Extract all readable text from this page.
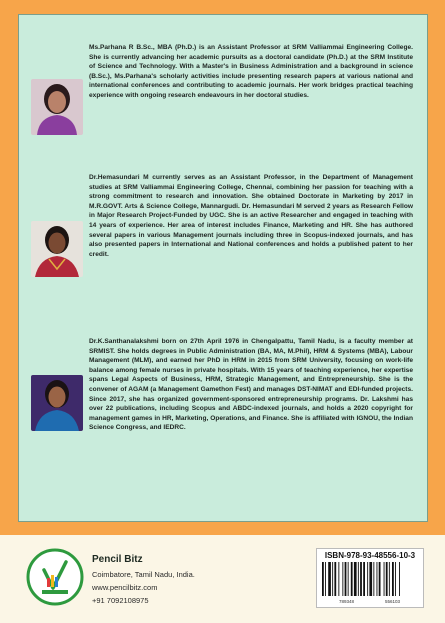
Ms.Parhana R B.Sc., MBA (Ph.D.) is an Assistant Professor at SRM Valliammai Engineering College. She is currently advancing her academic pursuits as a doctoral candidate (Ph.D.) at the SRM Institute of Science and Technology. With a Master's in Business Administration and a background in science (B.Sc.), Ms.Parhana's scholarly activities include presenting research papers at various national and international conferences and contributing to academic journals. Her work bridges practical teaching experience with ongoing research endeavours in her doctoral studies.

Dr.Hemasundari M currently serves as an Assistant Professor, in the Department of Management studies at SRM Valliammai Engineering College, Chennai, combining her passion for teaching with a strong commitment to research and innovation. She obtained Doctorate in Marketing by 2017 in M.R.GOVT. Arts & Science College, Mannargudi. Dr. Hemasundari M served 2 years as Research Fellow in Major Research Project-Funded by UGC. She is an active Researcher and engaged in teaching with 14 years of experience. Her area of interest includes Finance, Marketing and HR. She has authored several papers in various Management journals including three in Scopus-indexed journals, and has also presented papers in International and National conferences and holds a published patent to her credit.

Dr.K.Santhanalakshmi born on 27th April 1976 in Chengalpattu, Tamil Nadu, is a faculty member at SRMIST. She holds degrees in Public Administration (BA, MA, M.Phil), HRM & Systems (MBA), Labour Management (MLM), and earned her PhD in HRM in 2015 from SRM University, focusing on work-life balance among female nurses in private hospitals. With 15 years of teaching experience, her expertise spans Legal Aspects of Business, HRM, Strategic Management, and Entrepreneurship. She is the convener of AGAM (a Management Gamethon Fest) and manages DST-NIMAT and EDI-funded projects. Since 2017, she has organized government-sponsored entrepreneurship programs. Dr. Lakshmi has over 22 publications, including Scopus and ABDC-indexed journals, and holds a 2020 copyright for management games in HR, Marketing, Operations, and Finance. She is affiliated with IGNOU, the Indian Science Congress, and IEDRC.

Pencil Bitz
Coimbatore, Tamil Nadu, India.
www.pencilbitz.com
+91 7092108975
ISBN-978-93-48556-10-3
789348	556103
